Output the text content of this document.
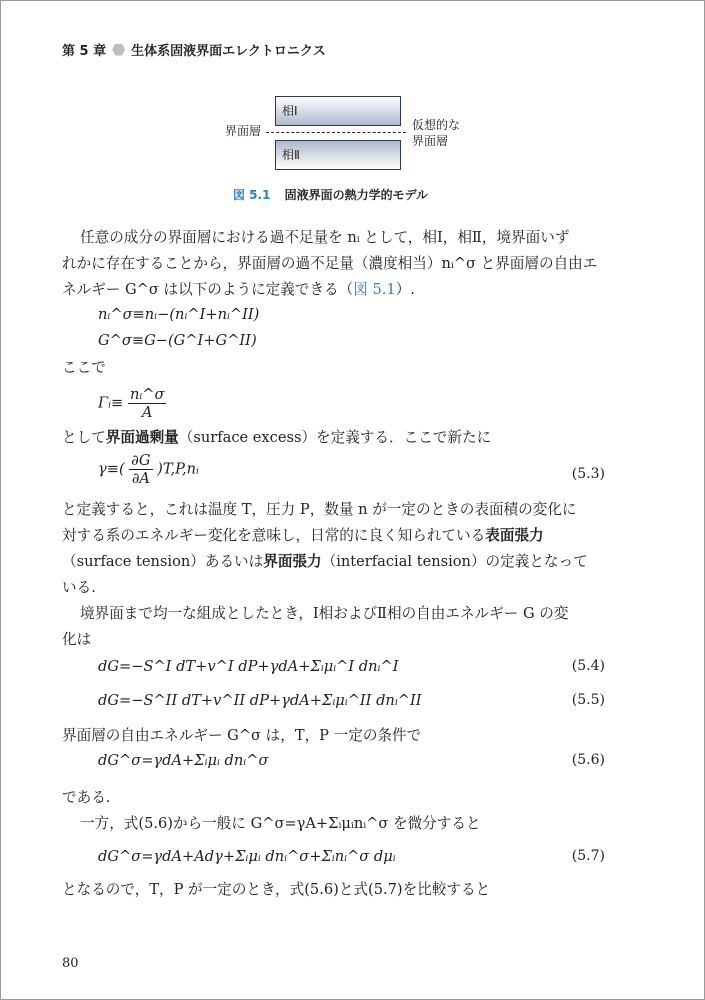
第 5 章 生体系固液界面エレクトロニクス
相Ⅰ
相Ⅱ
界面層	仮想的な
界面層
図 5.1 固液界面の熱力学的モデル
任意の成分の界面層における過不足量を nᵢ として，相Ⅰ，相Ⅱ，境界面いず
れかに存在することから，界面層の過不足量（濃度相当）nᵢ^σ と界面層の自由エ
ネルギー G^σ は以下のように定義できる（図 5.1）.
nᵢ^σ≡nᵢ−(nᵢ^I+nᵢ^II)
G^σ≡G−(G^I+G^II)
ここで
Γᵢ≡ $\frac{\text{nᵢ\textasciicircum{}σ}}{A}$
として界面過剰量（surface excess）を定義する．ここで新たに
$\gamma\equiv( \frac{\partial G}{\partial A}$ )T,P,nᵢ	(5.3)
と定義すると，これは温度 T，圧力 P，数量 n が一定のときの表面積の変化に
対する系のエネルギー変化を意味し，日常的に良く知られている表面張力
（surface tension）あるいは界面張力（interfacial tension）の定義となって
いる.
境界面まで均一な組成としたとき，Ⅰ相およびⅡ相の自由エネルギー G の変
化は
dG=−S^I dT+v^I dP+γdA+Σᵢμᵢ^I dnᵢ^I	(5.4)
dG=−S^II dT+v^II dP+γdA+Σᵢμᵢ^II dnᵢ^II	(5.5)
界面層の自由エネルギー G^σ は，T，P 一定の条件で
dG^σ=γdA+Σᵢμᵢ dnᵢ^σ	(5.6)
である.
一方，式(5.6)から一般に G^σ=γA+Σᵢμᵢnᵢ^σ を微分すると
dG^σ=γdA+Adγ+Σᵢμᵢ dnᵢ^σ+Σᵢnᵢ^σ dμᵢ	(5.7)
となるので，T，P が一定のとき，式(5.6)と式(5.7)を比較すると
80
